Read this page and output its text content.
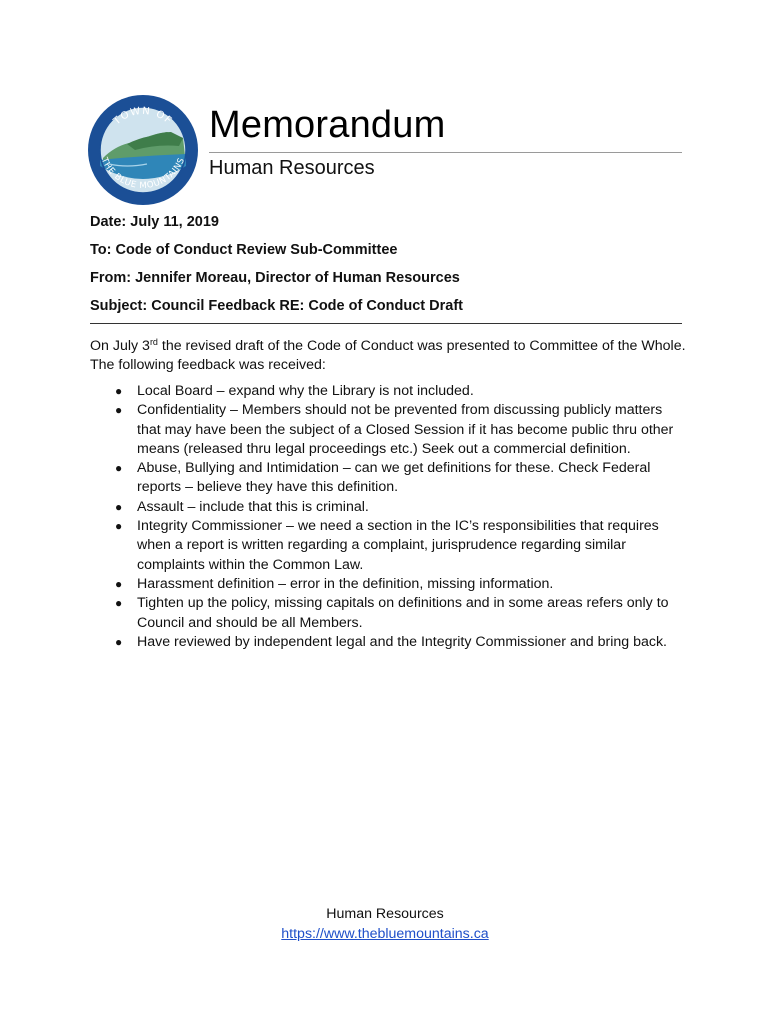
TOWN OF
THE BLUE MOUNTAINS
Memorandum
Human Resources

Date: July 11, 2019

To: Code of Conduct Review Sub-Committee

From: Jennifer Moreau, Director of Human Resources

Subject: Council Feedback RE: Code of Conduct Draft

On July 3rd the revised draft of the Code of Conduct was presented to Committee of the Whole. The following feedback was received:

● Local Board – expand why the Library is not included.
● Confidentiality – Members should not be prevented from discussing publicly matters that may have been the subject of a Closed Session if it has become public thru other means (released thru legal proceedings etc.) Seek out a commercial definition.
● Abuse, Bullying and Intimidation – can we get definitions for these. Check Federal reports – believe they have this definition.
● Assault – include that this is criminal.
● Integrity Commissioner – we need a section in the IC’s responsibilities that requires when a report is written regarding a complaint, jurisprudence regarding similar complaints within the Common Law.
● Harassment definition – error in the definition, missing information.
● Tighten up the policy, missing capitals on definitions and in some areas refers only to Council and should be all Members.
● Have reviewed by independent legal and the Integrity Commissioner and bring back.
Human Resources
https://www.thebluemountains.ca
